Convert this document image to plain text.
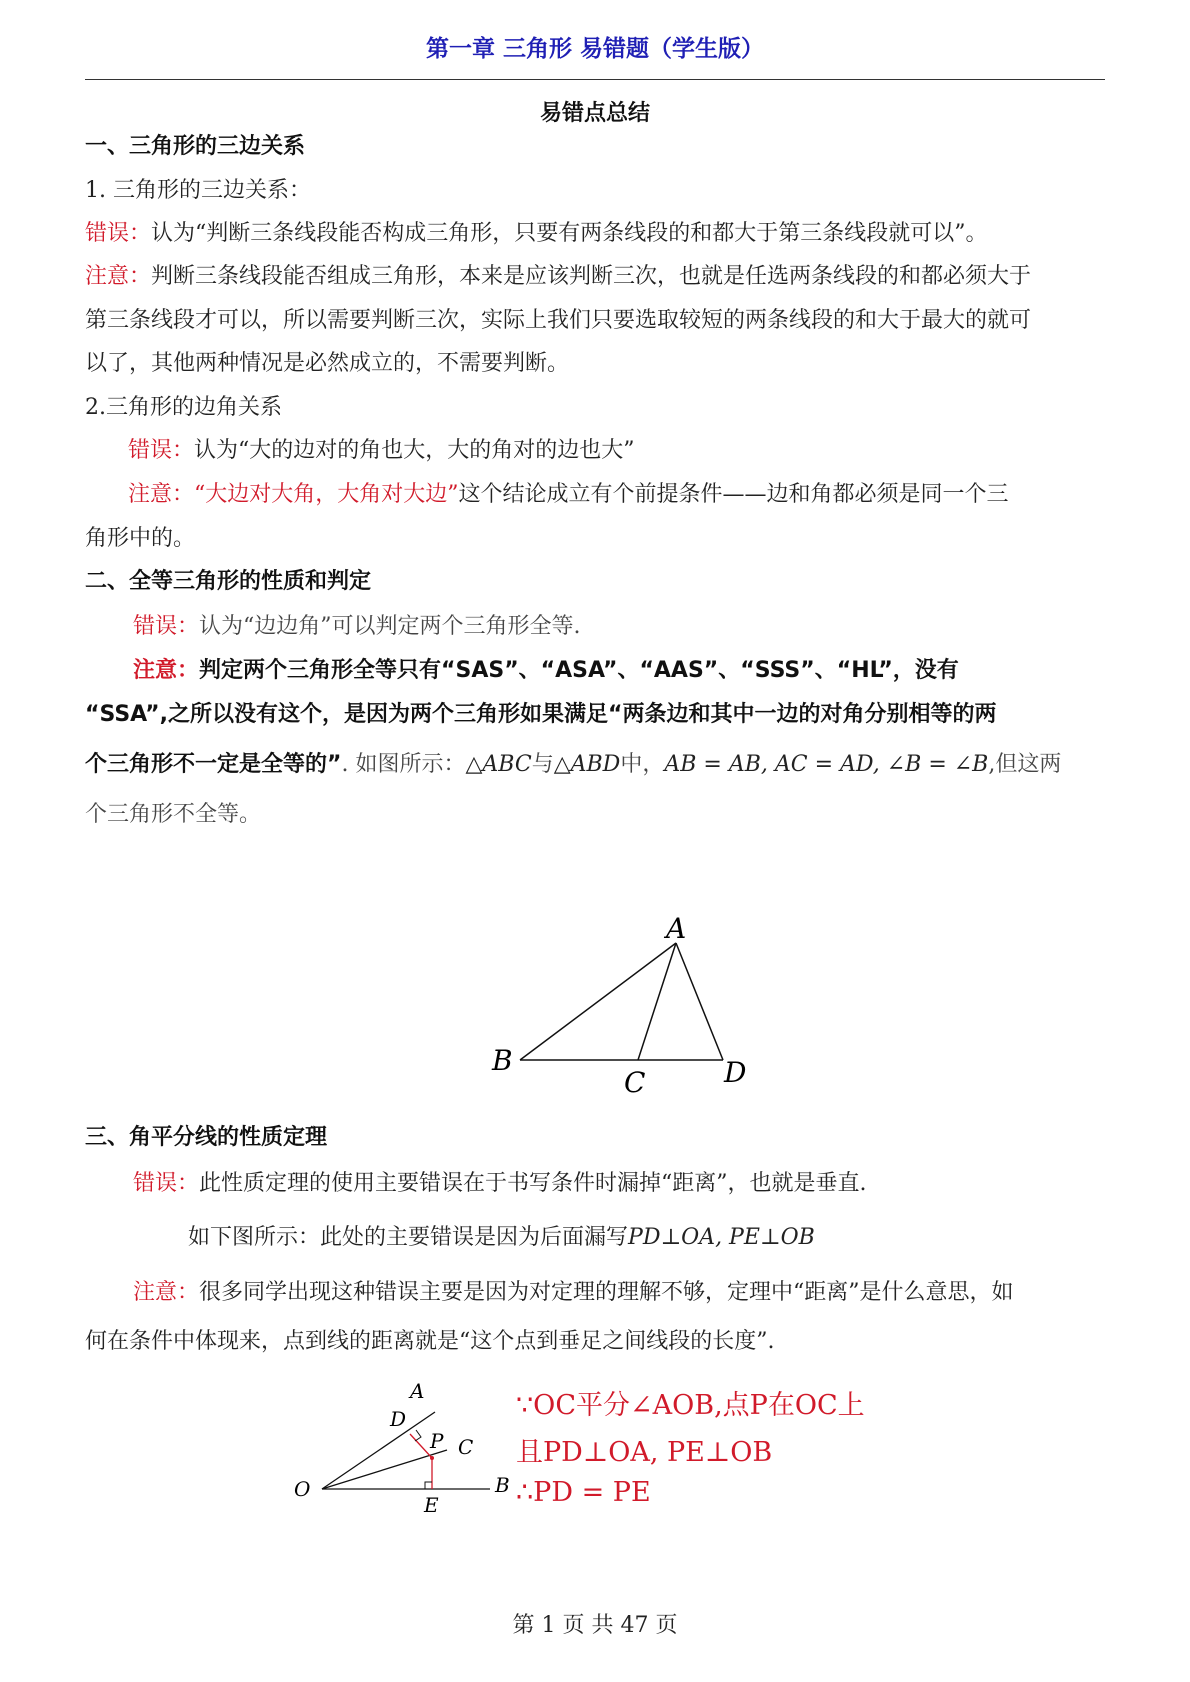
第一章 三角形 易错题（学生版）
易错点总结
一、三角形的三边关系
1. 三角形的三边关系：
错误：认为“判断三条线段能否构成三角形，只要有两条线段的和都大于第三条线段就可以”。
注意：判断三条线段能否组成三角形，本来是应该判断三次，也就是任选两条线段的和都必须大于
第三条线段才可以，所以需要判断三次，实际上我们只要选取较短的两条线段的和大于最大的就可
以了，其他两种情况是必然成立的，不需要判断。
2.三角形的边角关系
错误：认为“大的边对的角也大，大的角对的边也大”
注意：“大边对大角，大角对大边”这个结论成立有个前提条件——边和角都必须是同一个三
角形中的。
二、全等三角形的性质和判定
错误：认为“边边角”可以判定两个三角形全等.
注意：判定两个三角形全等只有“SAS”、“ASA”、“AAS”、“SSS”、“HL”，没有
“SSA”,之所以没有这个，是因为两个三角形如果满足“两条边和其中一边的对角分别相等的两
个三角形不一定是全等的”. 如图所示：△ABC与△ABD中，AB = AB, AC = AD, ∠B = ∠B,但这两
个三角形不全等。
A
B
C	D
三、角平分线的性质定理
错误：此性质定理的使用主要错误在于书写条件时漏掉“距离”，也就是垂直.
如下图所示：此处的主要错误是因为后面漏写PD⊥OA, PE⊥OB
注意：很多同学出现这种错误主要是因为对定理的理解不够，定理中“距离”是什么意思，如
何在条件中体现来，点到线的距离就是“这个点到垂足之间线段的长度”.
A
D
P C
O
E
B
∵OC平分∠AOB,点P在OC上
且PD⊥OA, PE⊥OB
∴PD = PE
第 1 页 共 47 页
